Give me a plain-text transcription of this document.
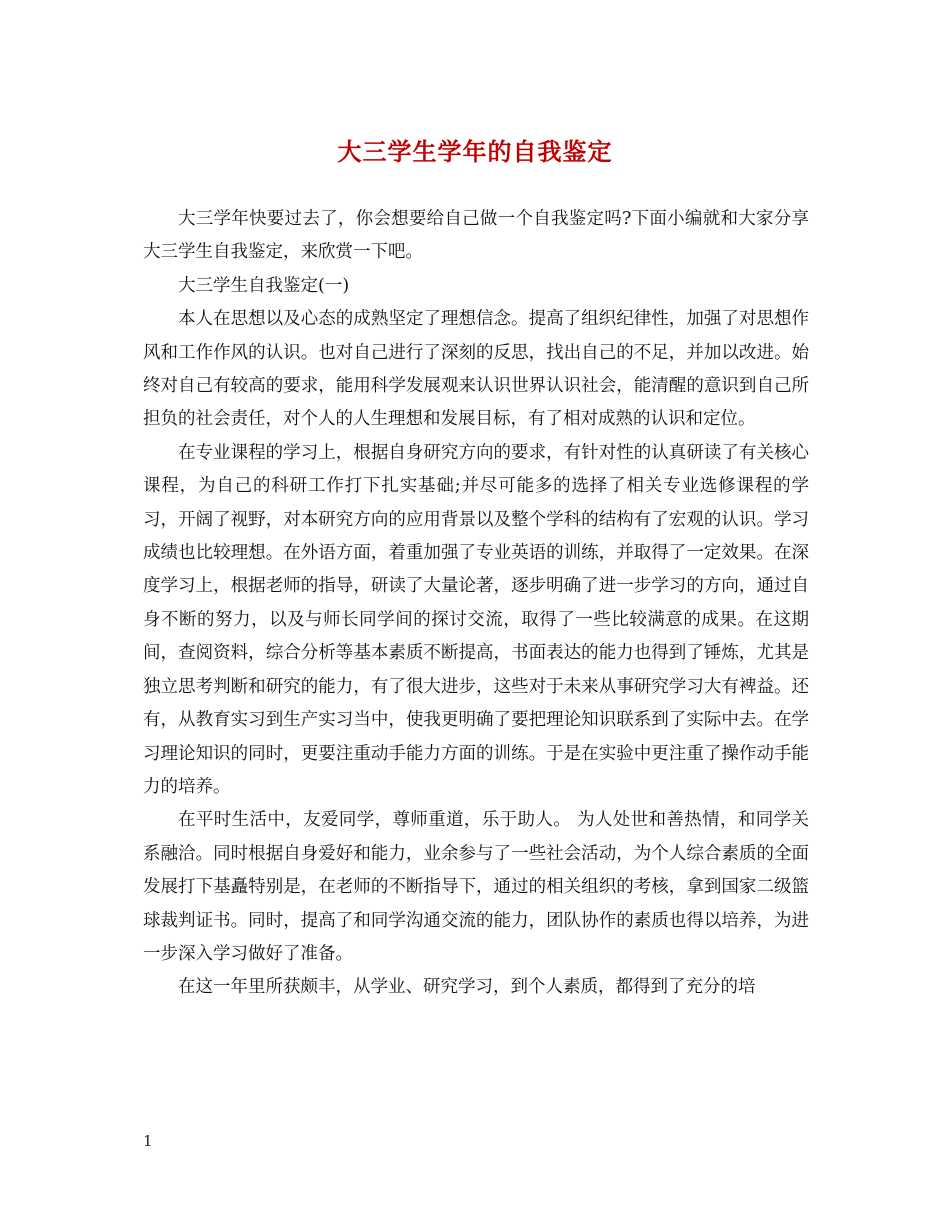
大三学生学年的自我鉴定

大三学年快要过去了，你会想要给自己做一个自我鉴定吗?下面小编就和大家分享大三学生自我鉴定，来欣赏一下吧。

大三学生自我鉴定(一)

本人在思想以及心态的成熟坚定了理想信念。提高了组织纪律性，加强了对思想作风和工作作风的认识。也对自己进行了深刻的反思，找出自己的不足，并加以改进。始终对自己有较高的要求，能用科学发展观来认识世界认识社会，能清醒的意识到自己所担负的社会责任，对个人的人生理想和发展目标，有了相对成熟的认识和定位。

在专业课程的学习上，根据自身研究方向的要求，有针对性的认真研读了有关核心课程，为自己的科研工作打下扎实基础;并尽可能多的选择了相关专业选修课程的学习，开阔了视野，对本研究方向的应用背景以及整个学科的结构有了宏观的认识。学习成绩也比较理想。在外语方面，着重加强了专业英语的训练，并取得了一定效果。在深度学习上，根据老师的指导，研读了大量论著，逐步明确了进一步学习的方向，通过自身不断的努力，以及与师长同学间的探讨交流，取得了一些比较满意的成果。在这期间，查阅资料，综合分析等基本素质不断提高，书面表达的能力也得到了锤炼，尤其是独立思考判断和研究的能力，有了很大进步，这些对于未来从事研究学习大有裨益。还有，从教育实习到生产实习当中，使我更明确了要把理论知识联系到了实际中去。在学习理论知识的同时，更要注重动手能力方面的训练。于是在实验中更注重了操作动手能力的培养。

在平时生活中，友爱同学，尊师重道，乐于助人。 为人处世和善热情，和同学关系融洽。同时根据自身爱好和能力，业余参与了一些社会活动，为个人综合素质的全面发展打下基矗特别是，在老师的不断指导下，通过的相关组织的考核，拿到国家二级篮球裁判证书。同时，提高了和同学沟通交流的能力，团队协作的素质也得以培养，为进一步深入学习做好了准备。

在这一年里所获颇丰，从学业、研究学习，到个人素质，都得到了充分的培

1
